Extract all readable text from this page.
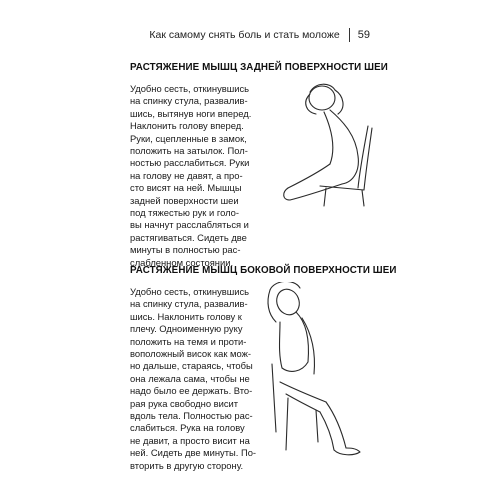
Как самому снять боль и стать моложе 59
РАСТЯЖЕНИЕ МЫШЦ ЗАДНЕЙ ПОВЕРХНОСТИ ШЕИ
Удобно сесть, откинувшись
на спинку стула, развалив-
шись, вытянув ноги вперед.
Наклонить голову вперед.
Руки, сцепленные в замок,
положить на затылок. Пол-
ностью расслабиться. Руки
на голову не давят, а про-
сто висят на ней. Мышцы
задней поверхности шеи
под тяжестью рук и голо-
вы начнут расслабляться и
растягиваться. Сидеть две
минуты в полностью рас-
слабленном состоянии.
РАСТЯЖЕНИЕ МЫШЦ БОКОВОЙ ПОВЕРХНОСТИ ШЕИ
Удобно сесть, откинувшись
на спинку стула, развалив-
шись. Наклонить голову к
плечу. Одноименную руку
положить на темя и проти-
воположный висок как мож-
но дальше, стараясь, чтобы
она лежала сама, чтобы не
надо было ее держать. Вто-
рая рука свободно висит
вдоль тела. Полностью рас-
слабиться. Рука на голову
не давит, а просто висит на
ней. Сидеть две минуты. По-
вторить в другую сторону.
